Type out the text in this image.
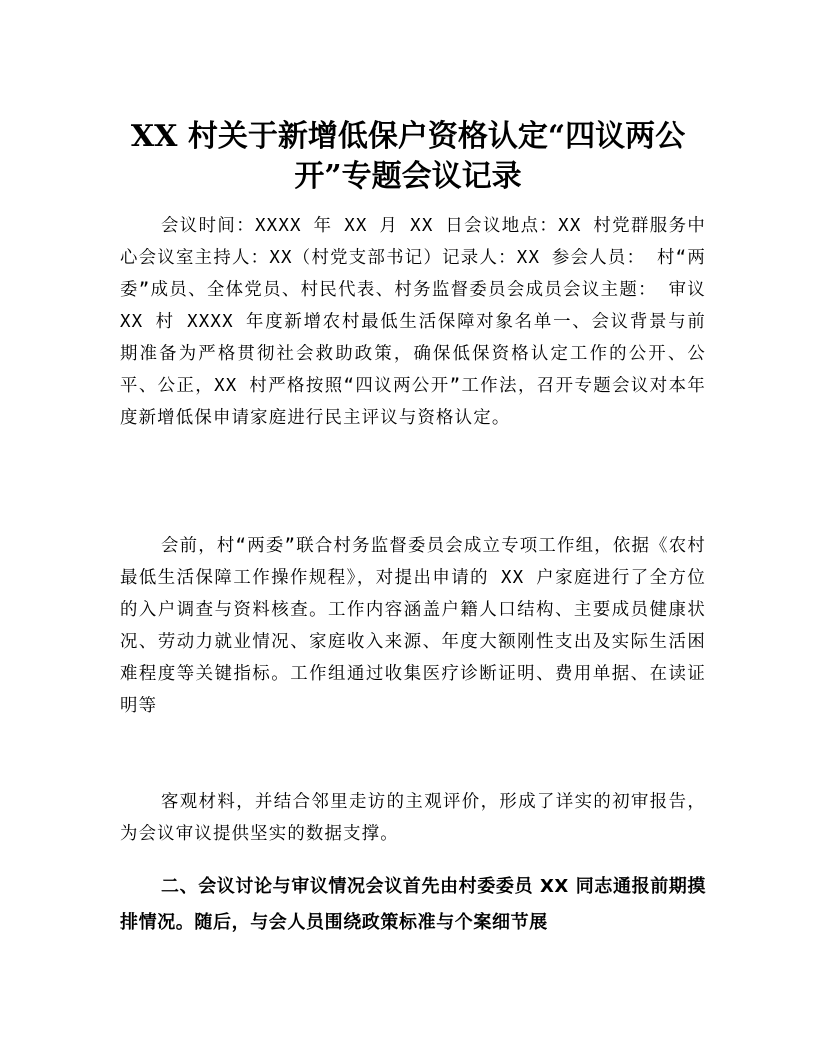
XX 村关于新增低保户资格认定“四议两公
开”专题会议记录

会议时间：XXXX 年 XX 月 XX 日会议地点：XX 村党群服务中心会议室主持人：XX（村党支部书记）记录人：XX 参会人员： 村“两委”成员、全体党员、村民代表、村务监督委员会成员会议主题： 审议 XX 村 XXXX 年度新增农村最低生活保障对象名单一、会议背景与前期准备为严格贯彻社会救助政策，确保低保资格认定工作的公开、公平、公正，XX 村严格按照“四议两公开”工作法，召开专题会议对本年度新增低保申请家庭进行民主评议与资格认定。

会前，村“两委”联合村务监督委员会成立专项工作组，依据《农村最低生活保障工作操作规程》，对提出申请的 XX 户家庭进行了全方位的入户调查与资料核查。工作内容涵盖户籍人口结构、主要成员健康状况、劳动力就业情况、家庭收入来源、年度大额刚性支出及实际生活困难程度等关键指标。工作组通过收集医疗诊断证明、费用单据、在读证明等

客观材料，并结合邻里走访的主观评价，形成了详实的初审报告，为会议审议提供坚实的数据支撑。

二、会议讨论与审议情况会议首先由村委委员 XX 同志通报前期摸排情况。随后，与会人员围绕政策标准与个案细节展
